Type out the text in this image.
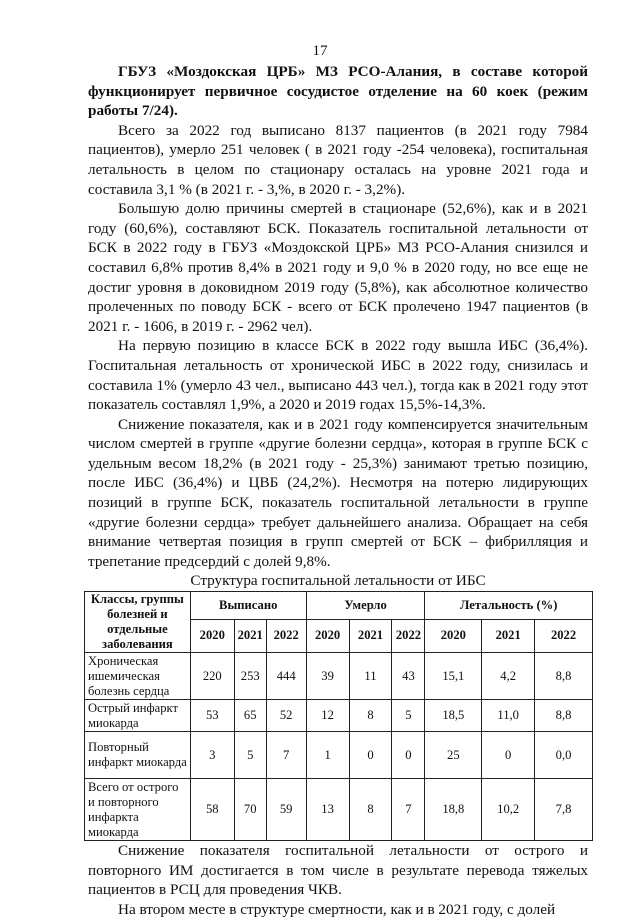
17

ГБУЗ «Моздокская ЦРБ» МЗ РСО-Алания, в составе которой функционирует первичное сосудистое отделение на 60 коек (режим работы 7/24).

Всего за 2022 год выписано 8137 пациентов (в 2021 году 7984 пациентов), умерло 251 человек ( в 2021 году -254 человека), госпитальная летальность в целом по стационару осталась на уровне 2021 года и составила 3,1 % (в 2021 г. - 3,%, в 2020 г. - 3,2%).

Большую долю причины смертей в стационаре (52,6%), как и в 2021 году (60,6%), составляют БСК. Показатель госпитальной летальности от БСК в 2022 году в ГБУЗ «Моздокской ЦРБ» МЗ РСО-Алания снизился и составил 6,8% против 8,4% в 2021 году и 9,0 % в 2020 году, но все еще не достиг уровня в доковидном 2019 году (5,8%), как абсолютное количество пролеченных по поводу БСК - всего от БСК пролечено 1947 пациентов (в 2021 г. - 1606, в 2019 г. - 2962 чел).

На первую позицию в классе БСК в 2022 году вышла ИБС (36,4%). Госпитальная летальность от хронической ИБС в 2022 году, снизилась и составила 1% (умерло 43 чел., выписано 443 чел.), тогда как в 2021 году этот показатель составлял 1,9%, а 2020 и 2019 годах 15,5%-14,3%.

Снижение показателя, как и в 2021 году компенсируется значительным числом смертей в группе «другие болезни сердца», которая в группе БСК с удельным весом 18,2% (в 2021 году - 25,3%) занимают третью позицию, после ИБС (36,4%) и ЦВБ (24,2%). Несмотря на потерю лидирующих позиций в группе БСК, показатель госпитальной летальности в группе «другие болезни сердца» требует дальнейшего анализа. Обращает на себя внимание четвертая позиция в групп смертей от БСК – фибрилляция и трепетание предсердий с долей 9,8%.

Структура госпитальной летальности от ИБС

Классы, группы болезней и отдельные заболевания	Выписано			Умерло			Летальность (%)		
	2020	2021	2022	2020	2021	2022	2020	2021	2022
Хроническая ишемическая болезнь сердца	220	253	444	39	11	43	15,1	4,2	8,8
Острый инфаркт миокарда	53	65	52	12	8	5	18,5	11,0	8,8
Повторный инфаркт миокарда	3	5	7	1	0	0	25	0	0,0
Всего от острого и повторного инфаркта миокарда	58	70	59	13	8	7	18,8	10,2	7,8

Снижение показателя госпитальной летальности от острого и повторного ИМ достигается в том числе в результате перевода тяжелых пациентов в РСЦ для проведения ЧКВ.

На втором месте в структуре смертности, как и в 2021 году, с долей
